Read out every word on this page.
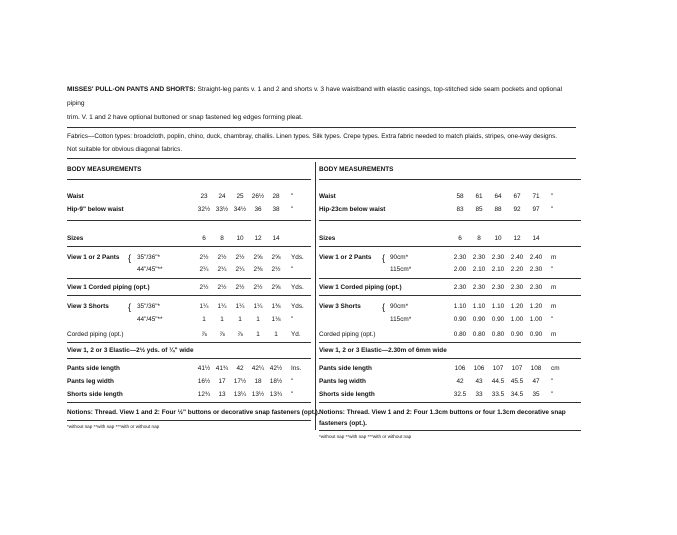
MISSES' PULL-ON PANTS AND SHORTS: Straight-leg pants v. 1 and 2 and shorts v. 3 have waistband with elastic casings, top-stitched side seam pockets and optional piping
trim. V. 1 and 2 have optional buttoned or snap fastened leg edges forming pleat.
Fabrics—Cotton types: broadcloth, poplin, chino, duck, chambray, challis. Linen types. Silk types. Crepe types. Extra fabric needed to match plaids, stripes, one-way designs.
Not suitable for obvious diagonal fabrics.
BODY MEASUREMENTS
Waist	23	24	25	26½	28	"
Hip-9" below waist	32½ 33½ 34½	36	38	"
Sizes	6	8	10	12	14
View 1 or 2 Pants { 35"/36"*	2½	2½	2½	2⅝	2⅝	Yds.
44"/45"**	2¼	2¼	2¼	2⅜	2½	"
View 1 Corded piping (opt.)	2½	2½	2½	2½	2⅝	Yds.
View 3 Shorts { 35"/36"*	1¼	1¼	1¼	1¼	1⅜	Yds.
44"/45"**	1	1	1	1	1⅛	"
Corded piping (opt.)	⅞	⅞	⅞	1	1	Yd.
View 1, 2 or 3 Elastic—2½ yds. of ¼" wide
Pants side length	41½ 41¾	42	42¼ 42½	Ins.
Pants leg width	16½	17	17½	18	18½	"
Shorts side length	12¾	13	13¼ 13½ 13¾	"
Notions: Thread. View 1 and 2: Four ½" buttons or decorative snap fasteners (opt.).
*without nap **with nap ***with or without nap
BODY MEASUREMENTS
Waist	58	61	64	67	71	"
Hip-23cm below waist	83	85	88	92	97	"
Sizes	6	8	10	12	14
View 1 or 2 Pants { 90cm*	2.30	2.30	2.30	2.40	2.40	m
115cm*	2.00	2.10	2.10	2.20	2.30	"
View 1 Corded piping (opt.)	2.30	2.30	2.30	2.30	2.30	m
View 3 Shorts { 90cm*	1.10	1.10	1.10	1.20	1.20	m
115cm*	0.90	0.90	0.90	1.00	1.00	"
Corded piping (opt.)	0.80	0.80	0.80	0.90	0.90	m
View 1, 2 or 3 Elastic—2.30m of 6mm wide
Pants side length	106	106	107	107	108	cm
Pants leg width	42	43	44.5	45.5	47	"
Shorts side length	32.5	33	33.5	34.5	35	"
Notions: Thread. View 1 and 2: Four 1.3cm buttons or four 1.3cm decorative snap
fasteners (opt.).
*without nap **with nap ***with or without nap
